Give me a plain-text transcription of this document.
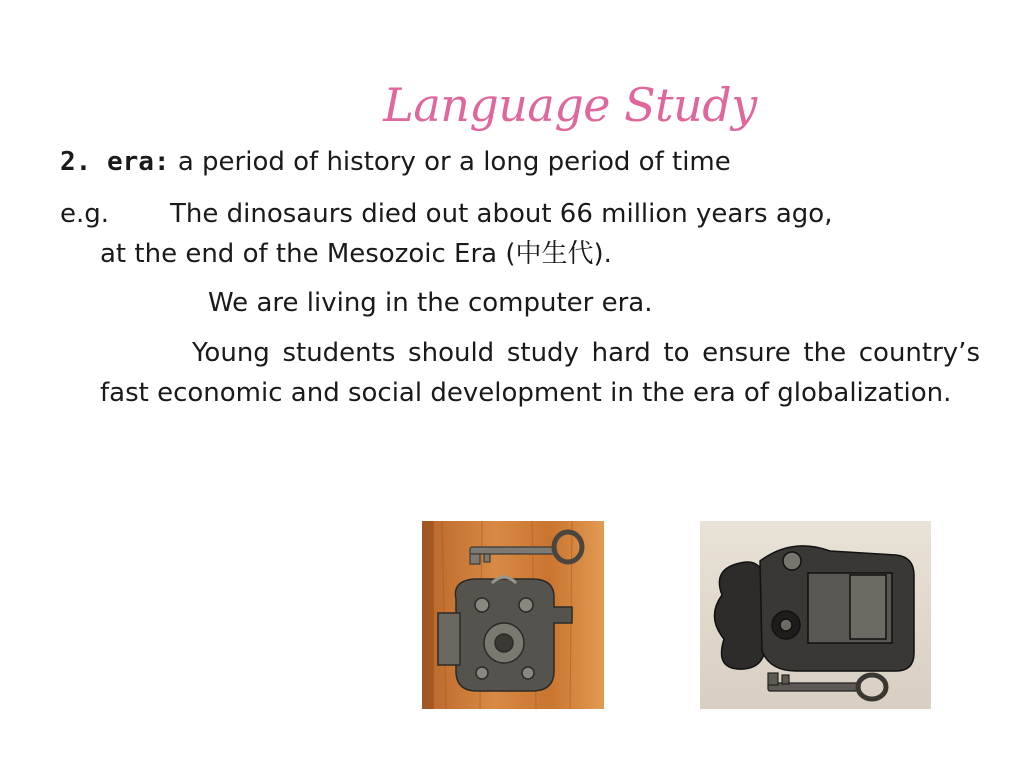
Language Study
2. era: a period of history or a long period of time
e.g. The dinosaurs died out about 66 million years ago,
at the end of the Mesozoic Era (中生代).
We are living in the computer era.
Young students should study hard to ensure the country’s fast economic and social development in the era of globalization.
